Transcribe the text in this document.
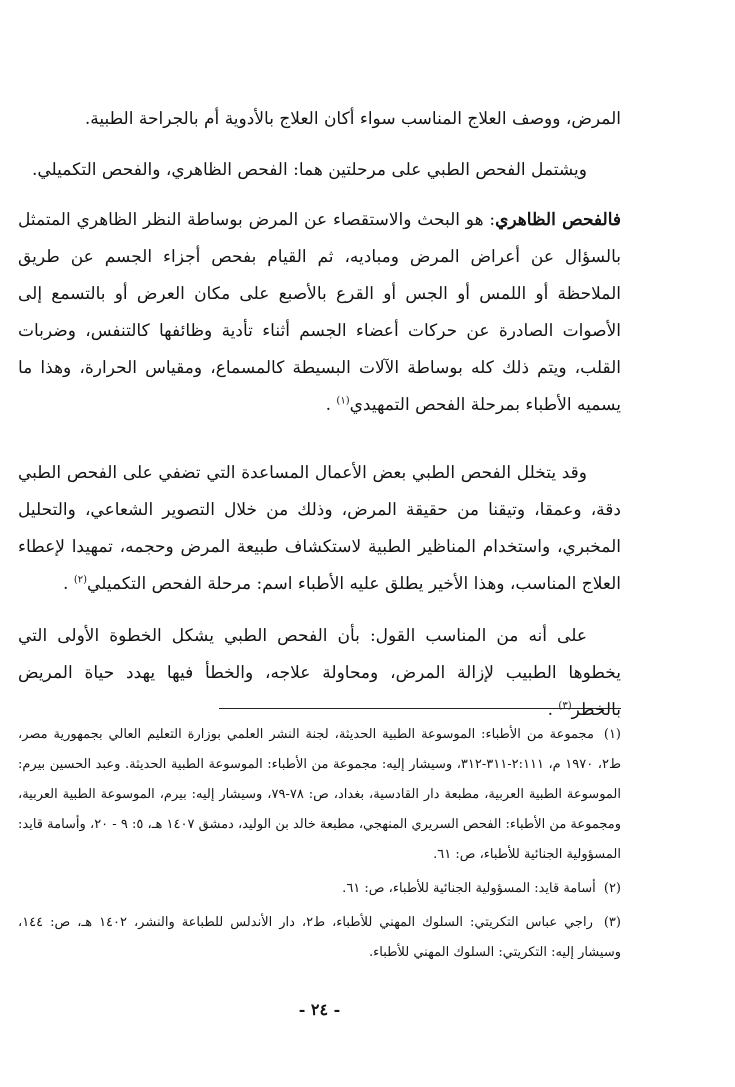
المرض، ووصف العلاج المناسب سواء أكان العلاج بالأدوية أم بالجراحة الطبية.

ويشتمل الفحص الطبي على مرحلتين هما: الفحص الظاهري، والفحص التكميلي.

فالفحص الظاهري: هو البحث والاستقصاء عن المرض بوساطة النظر الظاهري المتمثل بالسؤال عن أعراض المرض ومباديه، ثم القيام بفحص أجزاء الجسم عن طريق الملاحظة أو اللمس أو الجس أو القرع بالأصبع على مكان العرض أو بالتسمع إلى الأصوات الصادرة عن حركات أعضاء الجسم أثناء تأدية وظائفها كالتنفس، وضربات القلب، ويتم ذلك كله بوساطة الآلات البسيطة كالمسماع، ومقياس الحرارة، وهذا ما يسميه الأطباء بمرحلة الفحص التمهيدي$^{(١)}$ .

وقد يتخلل الفحص الطبي بعض الأعمال المساعدة التي تضفي على الفحص الطبي دقة، وعمقا، وتيقنا من حقيقة المرض، وذلك من خلال التصوير الشعاعي، والتحليل المخبري، واستخدام المناظير الطبية لاستكشاف طبيعة المرض وحجمه، تمهيدا لإعطاء العلاج المناسب، وهذا الأخير يطلق عليه الأطباء اسم: مرحلة الفحص التكميلي$^{(٢)}$ .

على أنه من المناسب القول: بأن الفحص الطبي يشكل الخطوة الأولى التي يخطوها الطبيب لإزالة المرض، ومحاولة علاجه، والخطأ فيها يهدد حياة المريض بالخطر$^{(٣)}$ .

(١) مجموعة من الأطباء: الموسوعة الطبية الحديثة، لجنة النشر العلمي بوزارة التعليم العالي بجمهورية مصر، ط٢، ١٩٧٠ م، ٢:١١١-٣١١-٣١٢، وسيشار إليه: مجموعة من الأطباء: الموسوعة الطبية الحديثة. وعبد الحسين بيرم: الموسوعة الطبية العربية، مطبعة دار القادسية، بغداد، ص: ٧٨-٧٩، وسيشار إليه: بيرم، الموسوعة الطبية العربية، ومجموعة من الأطباء: الفحص السريري المنهجي، مطبعة خالد بن الوليد، دمشق ١٤٠٧ هـ، ٥: ٩ - ٢٠، وأسامة قايد: المسؤولية الجنائية للأطباء، ص: ٦١.

(٢) أسامة قايد: المسؤولية الجنائية للأطباء، ص: ٦١.

(٣) راجي عباس التكريتي: السلوك المهني للأطباء، ط٢، دار الأندلس للطباعة والنشر، ١٤٠٢ هـ، ص: ١٤٤، وسيشار إليه: التكريتي: السلوك المهني للأطباء.

- ٢٤ -
